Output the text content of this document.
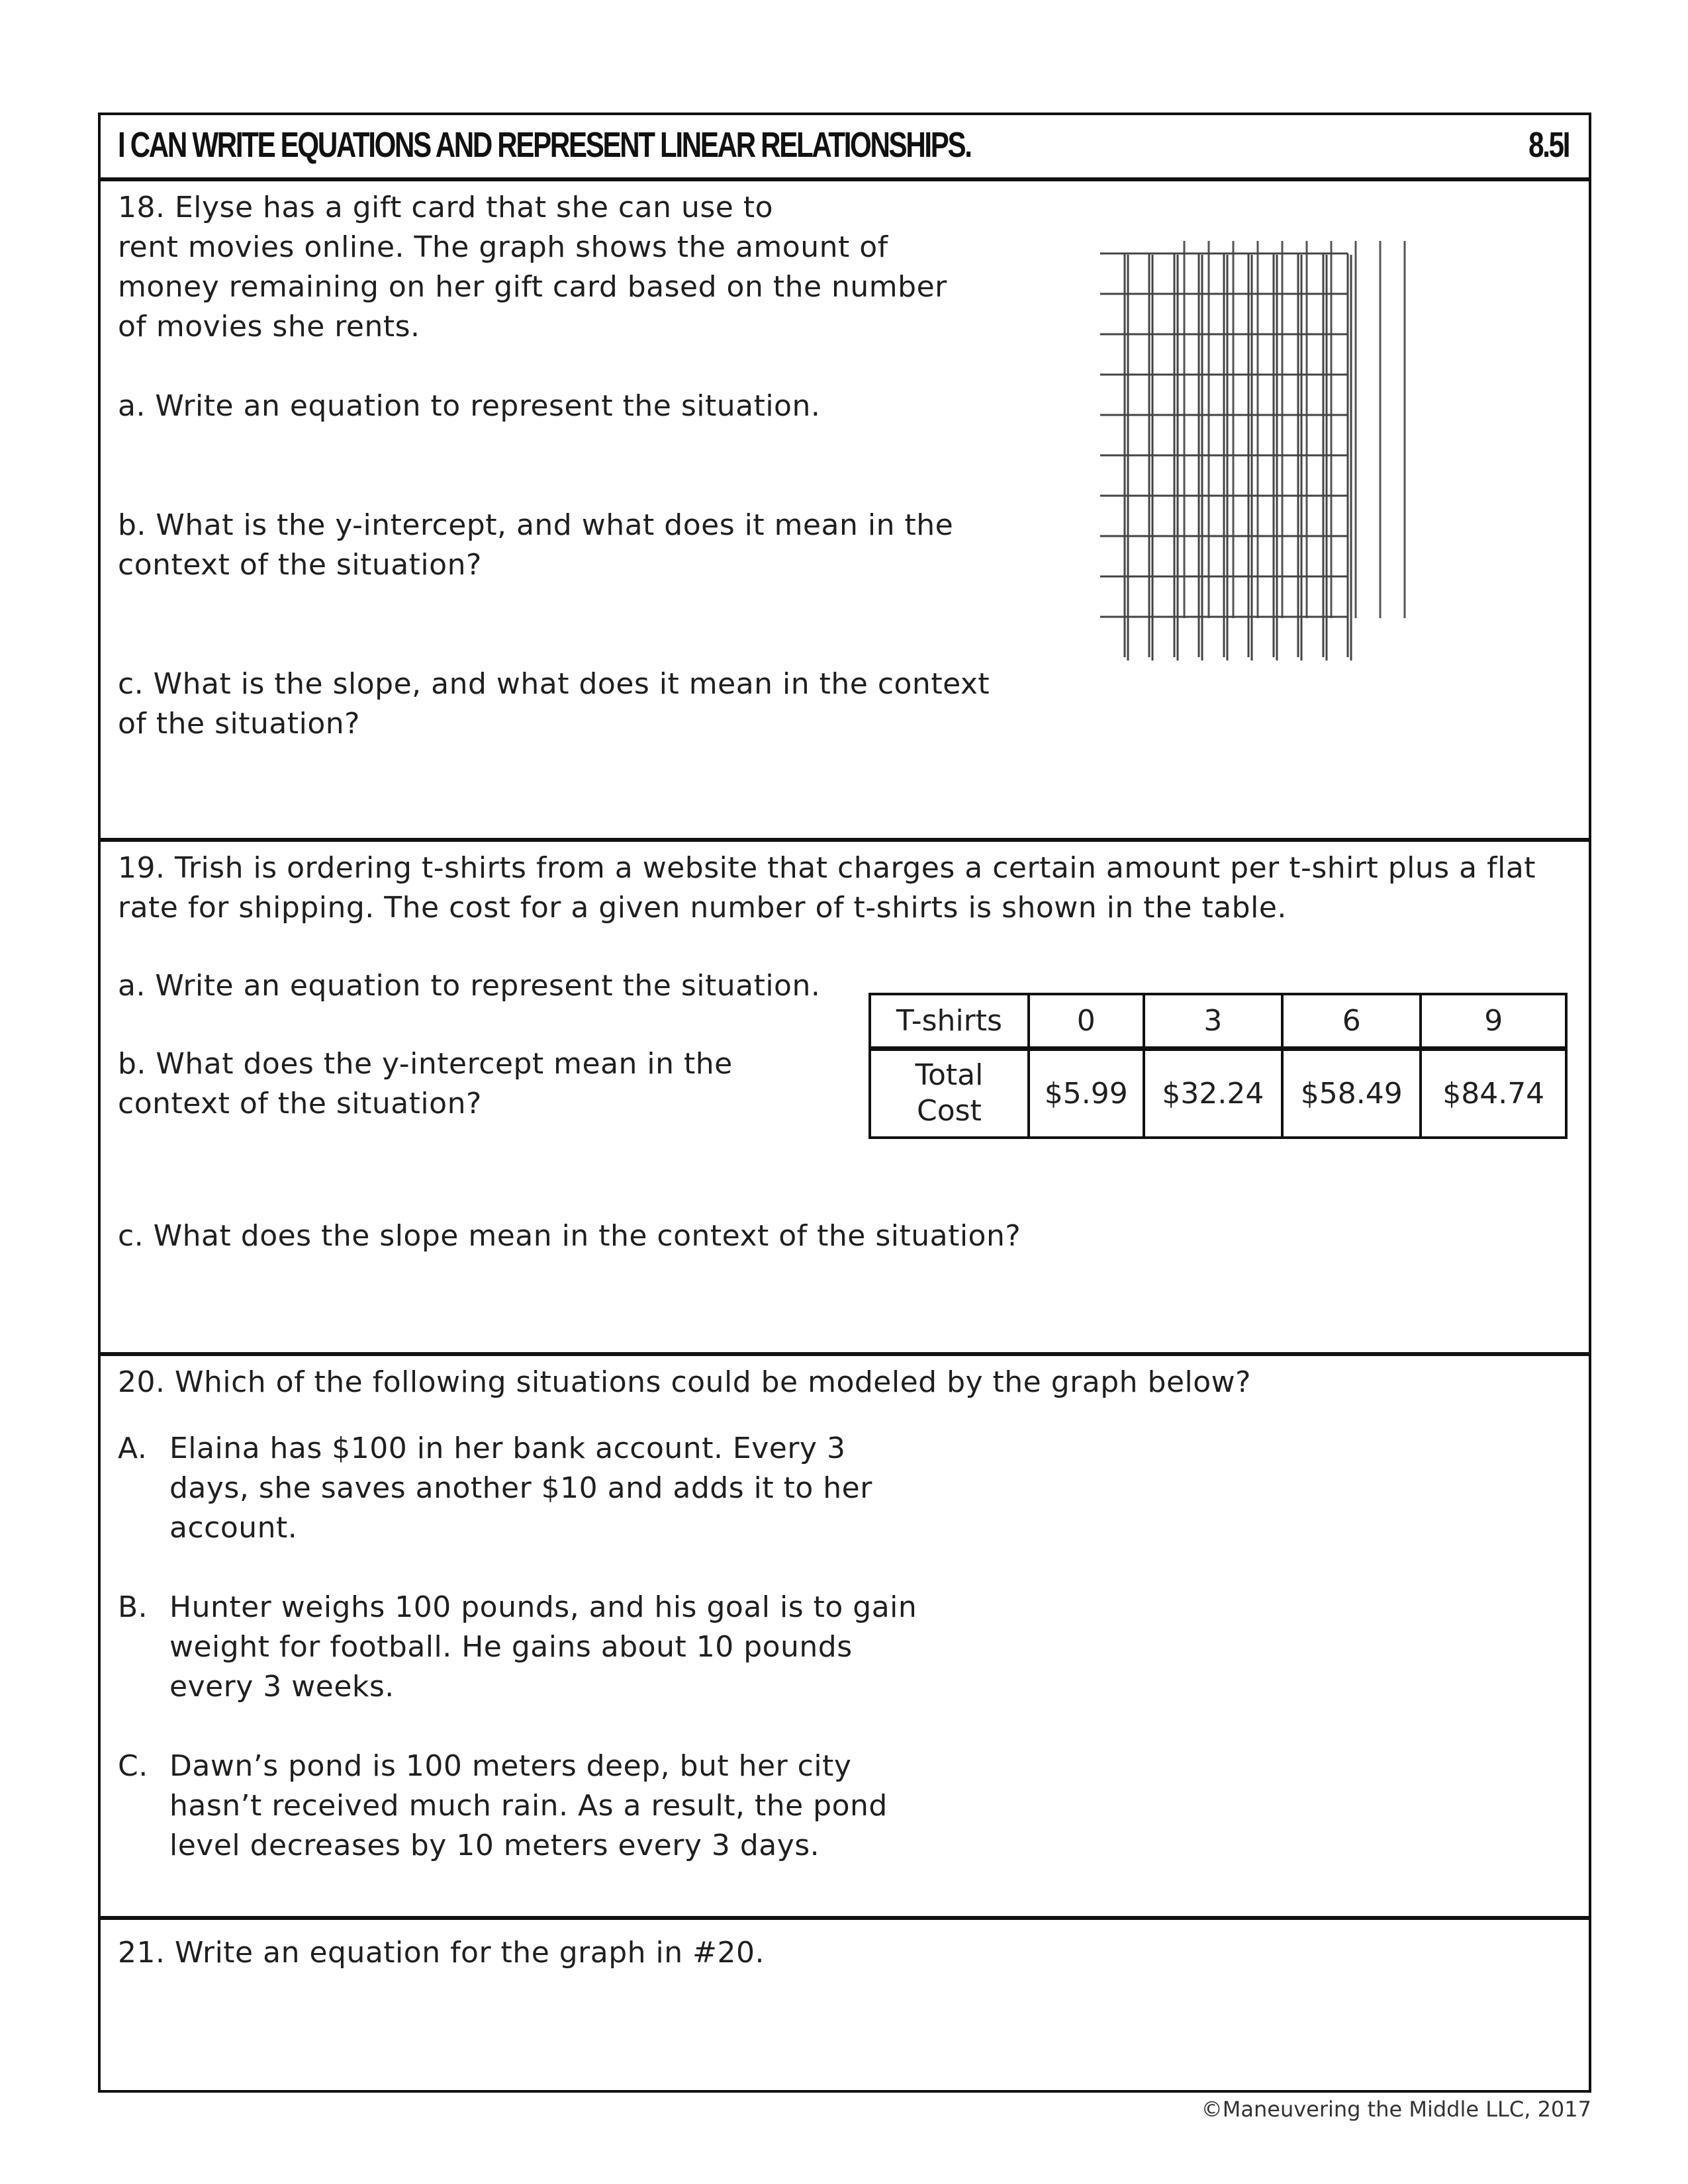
I CAN WRITE EQUATIONS AND REPRESENT LINEAR RELATIONSHIPS.	8.5I
18. Elyse has a gift card that she can use to
rent movies online. The graph shows the amount of
money remaining on her gift card based on the number
of movies she rents.
a. Write an equation to represent the situation.
b. What is the y-intercept, and what does it mean in the
context of the situation?
c. What is the slope, and what does it mean in the context
of the situation?
19. Trish is ordering t-shirts from a website that charges a certain amount per t-shirt plus a flat
rate for shipping. The cost for a given number of t-shirts is shown in the table.
a. Write an equation to represent the situation.
b. What does the y-intercept mean in the
context of the situation?
c. What does the slope mean in the context of the situation?
T-shirts	0	3	6	9
Total
Cost	$5.99	$32.24	$58.49	$84.74
20. Which of the following situations could be modeled by the graph below?
A. Elaina has $100 in her bank account. Every 3
days, she saves another $10 and adds it to her
account.
B. Hunter weighs 100 pounds, and his goal is to gain
weight for football. He gains about 10 pounds
every 3 weeks.
C. Dawn’s pond is 100 meters deep, but her city
hasn’t received much rain. As a result, the pond
level decreases by 10 meters every 3 days.
21. Write an equation for the graph in #20.
©Maneuvering the Middle LLC, 2017
